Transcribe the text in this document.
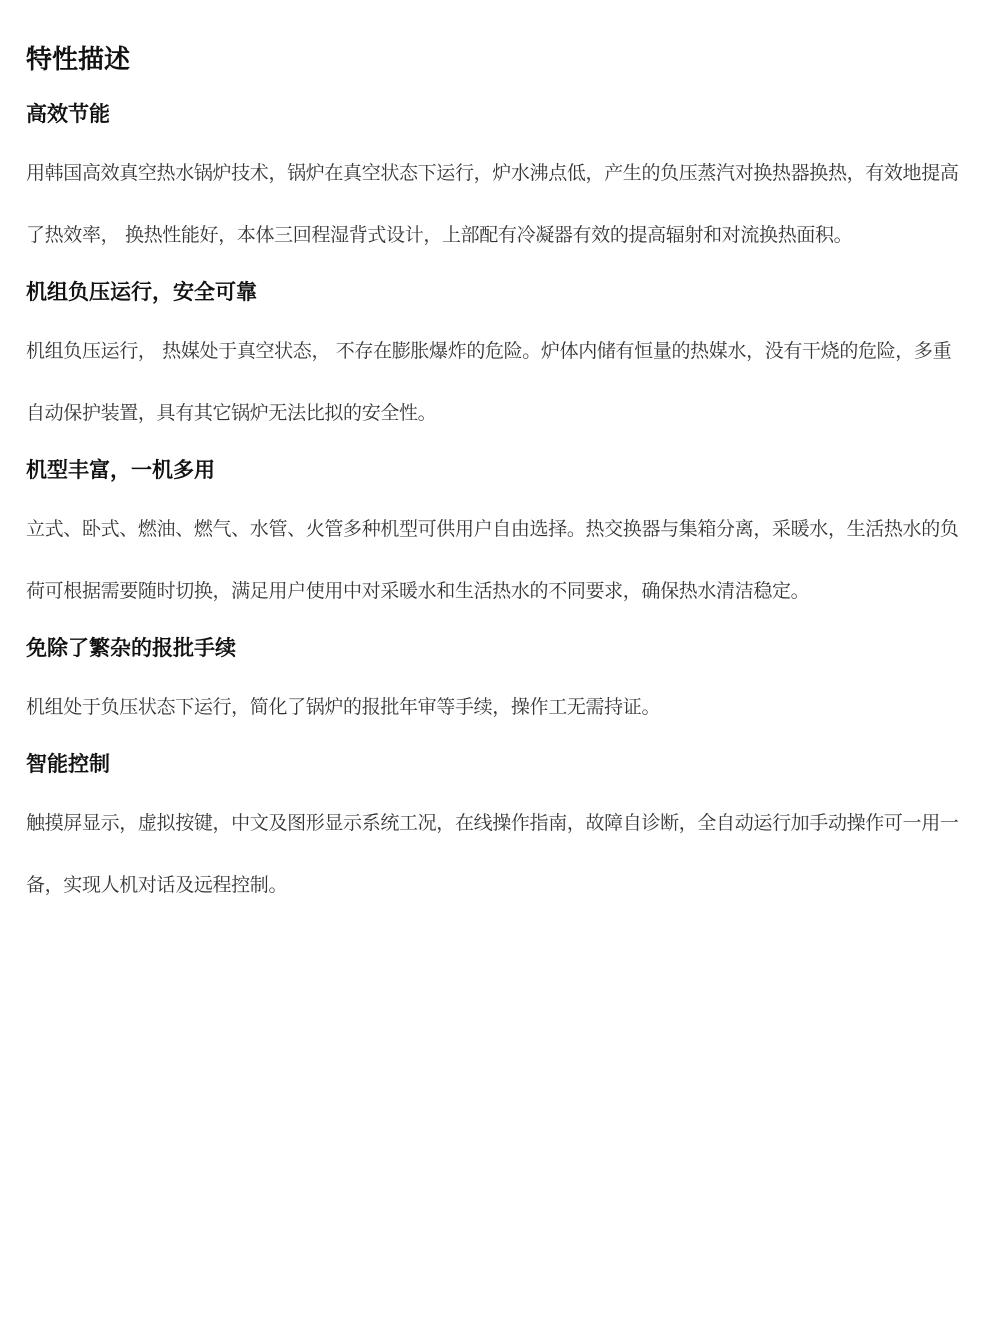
特性描述
高效节能

用韩国高效真空热水锅炉技术，锅炉在真空状态下运行，炉水沸点低，产生的负压蒸汽对换热器换热，有效地提高了热效率， 换热性能好，本体三回程湿背式设计，上部配有冷凝器有效的提高辐射和对流换热面积。

机组负压运行，安全可靠

机组负压运行， 热媒处于真空状态， 不存在膨胀爆炸的危险。炉体内储有恒量的热媒水，没有干烧的危险，多重自动保护装置，具有其它锅炉无法比拟的安全性。

机型丰富，一机多用

立式、卧式、燃油、燃气、水管、火管多种机型可供用户自由选择。热交换器与集箱分离，采暖水，生活热水的负荷可根据需要随时切换，满足用户使用中对采暖水和生活热水的不同要求，确保热水清洁稳定。

免除了繁杂的报批手续

机组处于负压状态下运行，简化了锅炉的报批年审等手续，操作工无需持证。

智能控制

触摸屏显示，虚拟按键，中文及图形显示系统工况，在线操作指南，故障自诊断，全自动运行加手动操作可一用一备，实现人机对话及远程控制。
